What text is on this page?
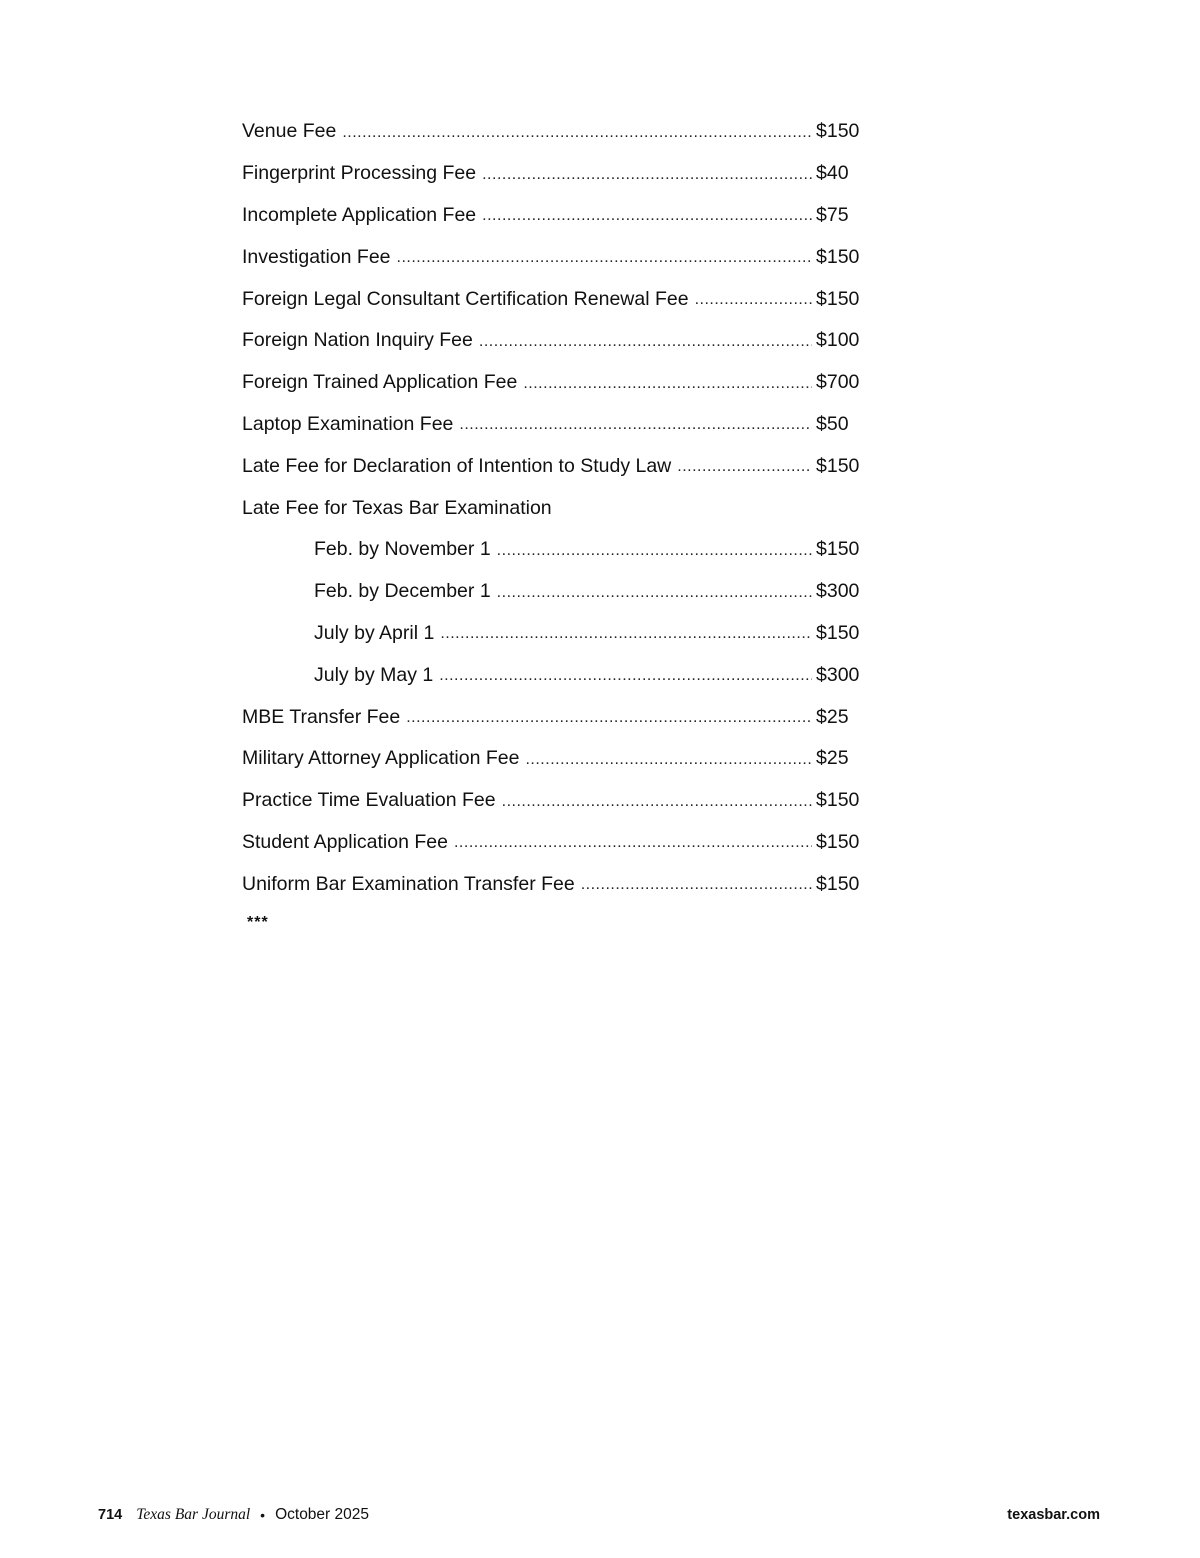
Venue Fee .....	$150
Fingerprint Processing Fee .....	$40
Incomplete Application Fee .....	$75
Investigation Fee .....	$150
Foreign Legal Consultant Certification Renewal Fee .....	$150
Foreign Nation Inquiry Fee .....	$100
Foreign Trained Application Fee .....	$700
Laptop Examination Fee .....	$50
Late Fee for Declaration of Intention to Study Law .....	$150
Late Fee for Texas Bar Examination
Feb. by November 1 .....	$150
Feb. by December 1 .....	$300
July by April 1 .....	$150
July by May 1 .....	$300
MBE Transfer Fee .....	$25
Military Attorney Application Fee .....	$25
Practice Time Evaluation Fee .....	$150
Student Application Fee .....	$150
Uniform Bar Examination Transfer Fee .....	$150
***
714 Texas Bar Journal • October 2025	texasbar.com
